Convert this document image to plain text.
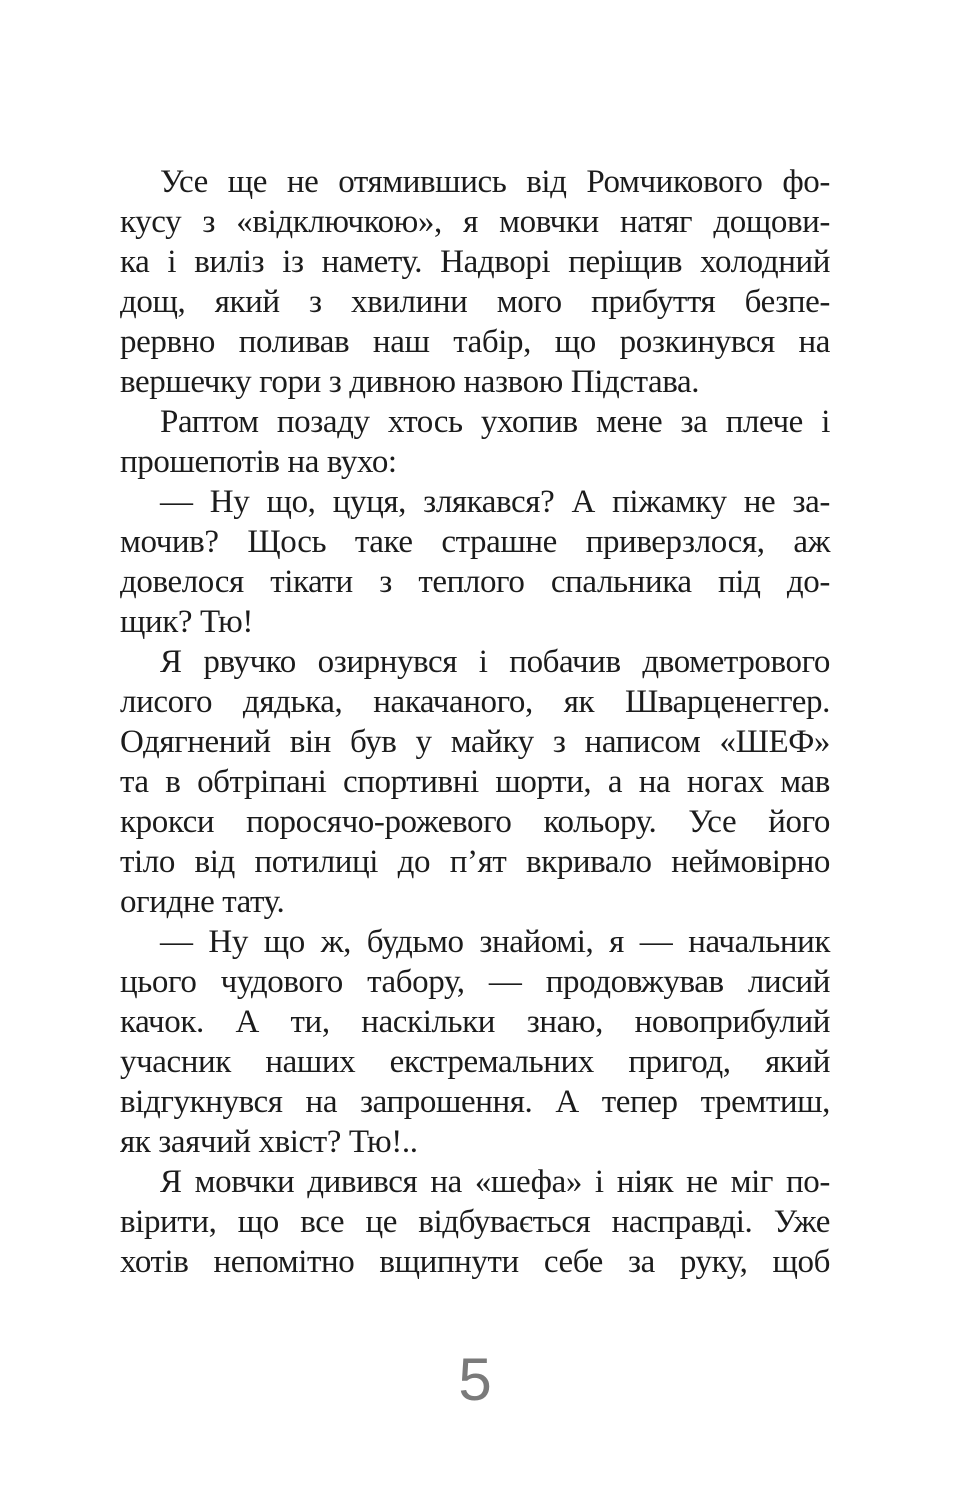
Усе ще не отямившись від Ромчикового фо-
кусу з «відключкою», я мовчки натяг дощови-
ка і виліз із намету. Надворі періщив холодний
дощ, який з хвилини мого прибуття безпе-
рервно поливав наш табір, що розкинувся на
вершечку гори з дивною назвою Підстава.
Раптом позаду хтось ухопив мене за плече і
прошепотів на вухо:
— Ну що, цуця, злякався? А піжамку не за-
мочив? Щось таке страшне приверзлося, аж
довелося тікати з теплого спальника під до-
щик? Тю!
Я рвучко озирнувся і побачив двометрового
лисого дядька, накачаного, як Шварценеггер.
Одягнений він був у майку з написом «ШЕФ»
та в обтріпані спортивні шорти, а на ногах мав
крокси поросячо-рожевого кольору. Усе його
тіло від потилиці до п’ят вкривало неймовірно
огидне тату.
— Ну що ж, будьмо знайомі, я — начальник
цього чудового табору, — продовжував лисий
качок. А ти, наскільки знаю, новоприбулий
учасник наших екстремальних пригод, який
відгукнувся на запрошення. А тепер тремтиш,
як заячий хвіст? Тю!..
Я мовчки дивився на «шефа» і ніяк не міг по-
вірити, що все це відбувається насправді. Уже
хотів непомітно вщипнути себе за руку, щоб
5
